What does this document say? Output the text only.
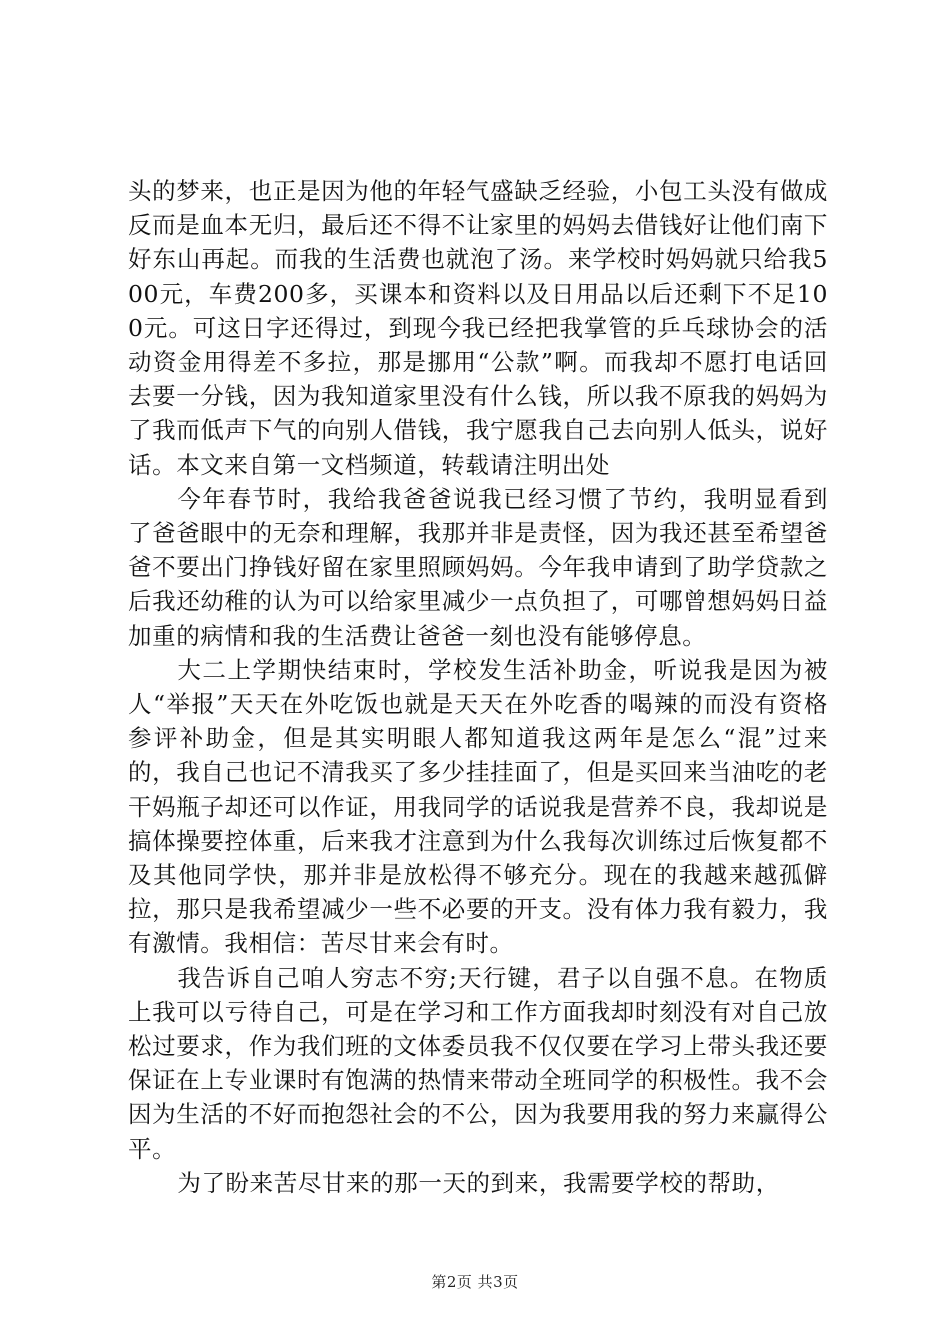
头的梦来，也正是因为他的年轻气盛缺乏经验，小包工头没有做成反而是血本无归，最后还不得不让家里的妈妈去借钱好让他们南下好东山再起。而我的生活费也就泡了汤。来学校时妈妈就只给我500元，车费200多，买课本和资料以及日用品以后还剩下不足100元。可这日字还得过，到现今我已经把我掌管的乒乓球协会的活动资金用得差不多拉，那是挪用“公款”啊。而我却不愿打电话回去要一分钱，因为我知道家里没有什么钱，所以我不原我的妈妈为了我而低声下气的向别人借钱，我宁愿我自己去向别人低头，说好话。本文来自第一文档频道，转载请注明出处

今年春节时，我给我爸爸说我已经习惯了节约，我明显看到了爸爸眼中的无奈和理解，我那并非是责怪，因为我还甚至希望爸爸不要出门挣钱好留在家里照顾妈妈。今年我申请到了助学贷款之后我还幼稚的认为可以给家里减少一点负担了，可哪曾想妈妈日益加重的病情和我的生活费让爸爸一刻也没有能够停息。

大二上学期快结束时，学校发生活补助金，听说我是因为被人“举报”天天在外吃饭也就是天天在外吃香的喝辣的而没有资格参评补助金，但是其实明眼人都知道我这两年是怎么“混”过来的，我自己也记不清我买了多少挂挂面了，但是买回来当油吃的老干妈瓶子却还可以作证，用我同学的话说我是营养不良，我却说是搞体操要控体重，后来我才注意到为什么我每次训练过后恢复都不及其他同学快，那并非是放松得不够充分。现在的我越来越孤僻拉，那只是我希望减少一些不必要的开支。没有体力我有毅力，我有激情。我相信：苦尽甘来会有时。

我告诉自己咱人穷志不穷;天行键，君子以自强不息。在物质上我可以亏待自己，可是在学习和工作方面我却时刻没有对自己放松过要求，作为我们班的文体委员我不仅仅要在学习上带头我还要保证在上专业课时有饱满的热情来带动全班同学的积极性。我不会因为生活的不好而抱怨社会的不公，因为我要用我的努力来赢得公平。

为了盼来苦尽甘来的那一天的到来，我需要学校的帮助，

第2页 共3页
